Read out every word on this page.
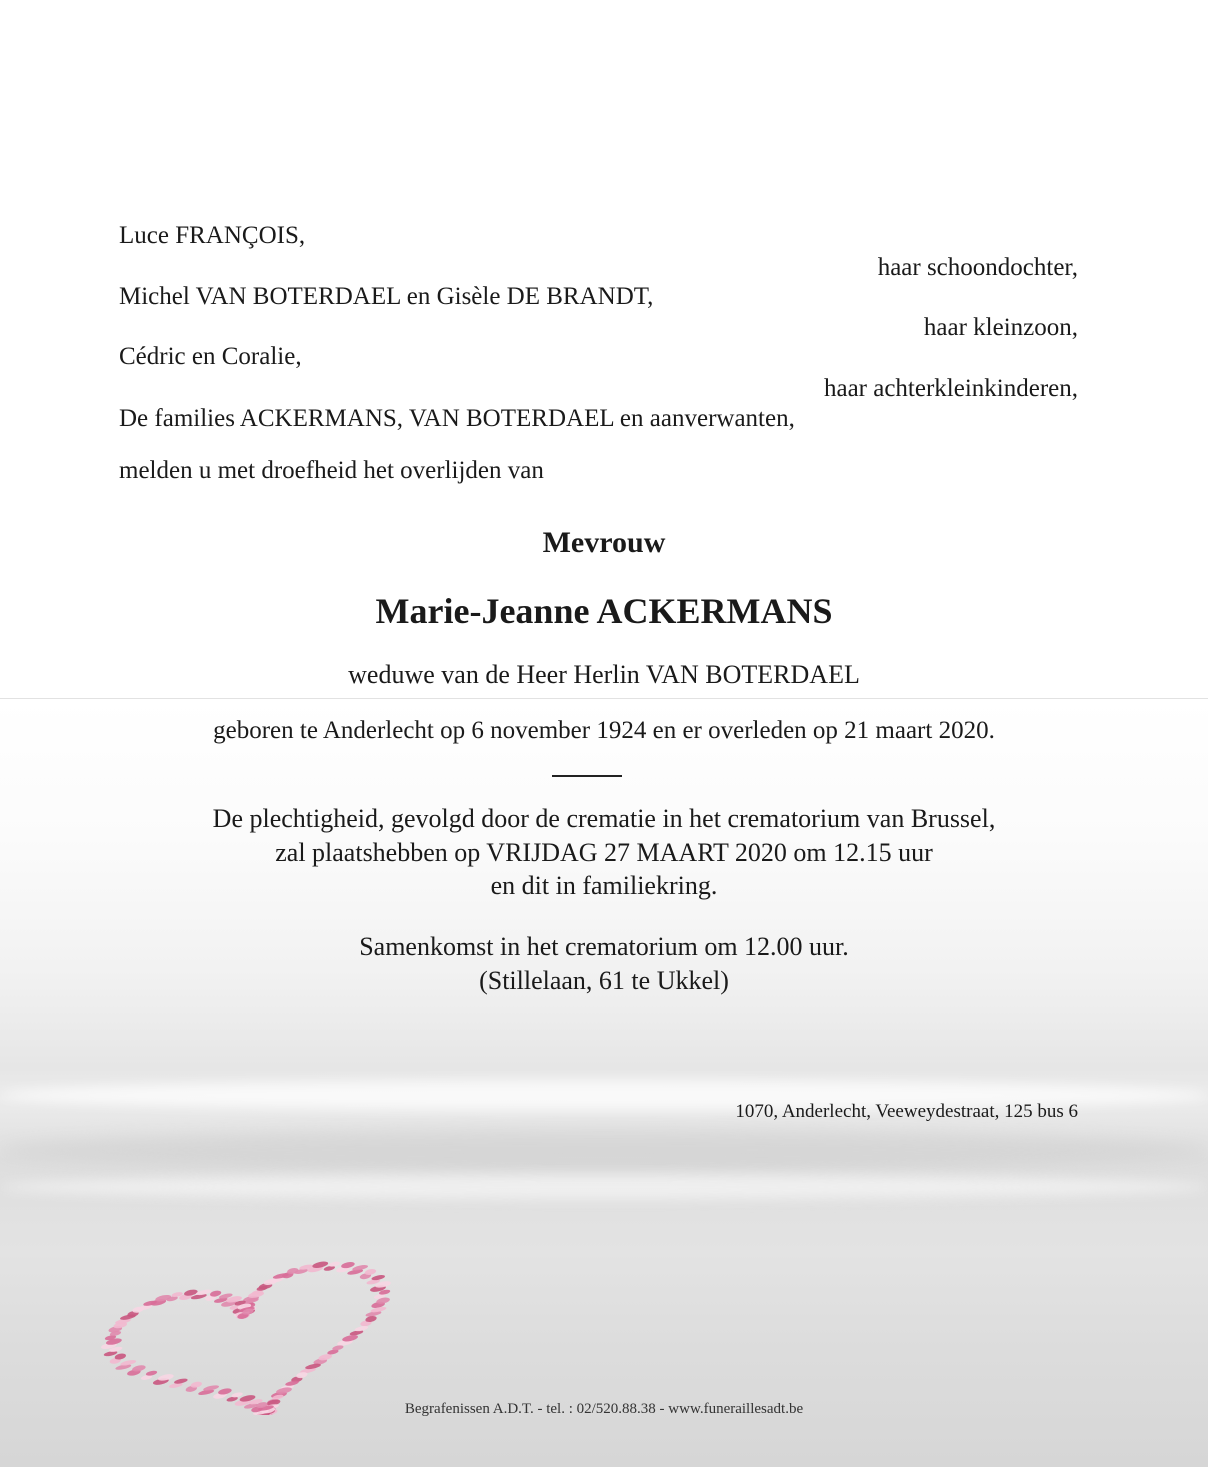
Luce FRANÇOIS,
haar schoondochter,
Michel VAN BOTERDAEL en Gisèle DE BRANDT,
haar kleinzoon,
Cédric en Coralie,
haar achterkleinkinderen,
De families ACKERMANS, VAN BOTERDAEL en aanverwanten,
melden u met droefheid het overlijden van
Mevrouw
Marie-Jeanne ACKERMANS
weduwe van de Heer Herlin VAN BOTERDAEL
geboren te Anderlecht op 6 november 1924 en er overleden op 21 maart 2020.
De plechtigheid, gevolgd door de crematie in het crematorium van Brussel,
zal plaatshebben op VRIJDAG 27 MAART 2020 om 12.15 uur
en dit in familiekring.
Samenkomst in het crematorium om 12.00 uur.
(Stillelaan, 61 te Ukkel)
1070, Anderlecht, Veeweydestraat, 125 bus 6
Begrafenissen A.D.T. - tel. : 02/520.88.38 - www.funeraillesadt.be
